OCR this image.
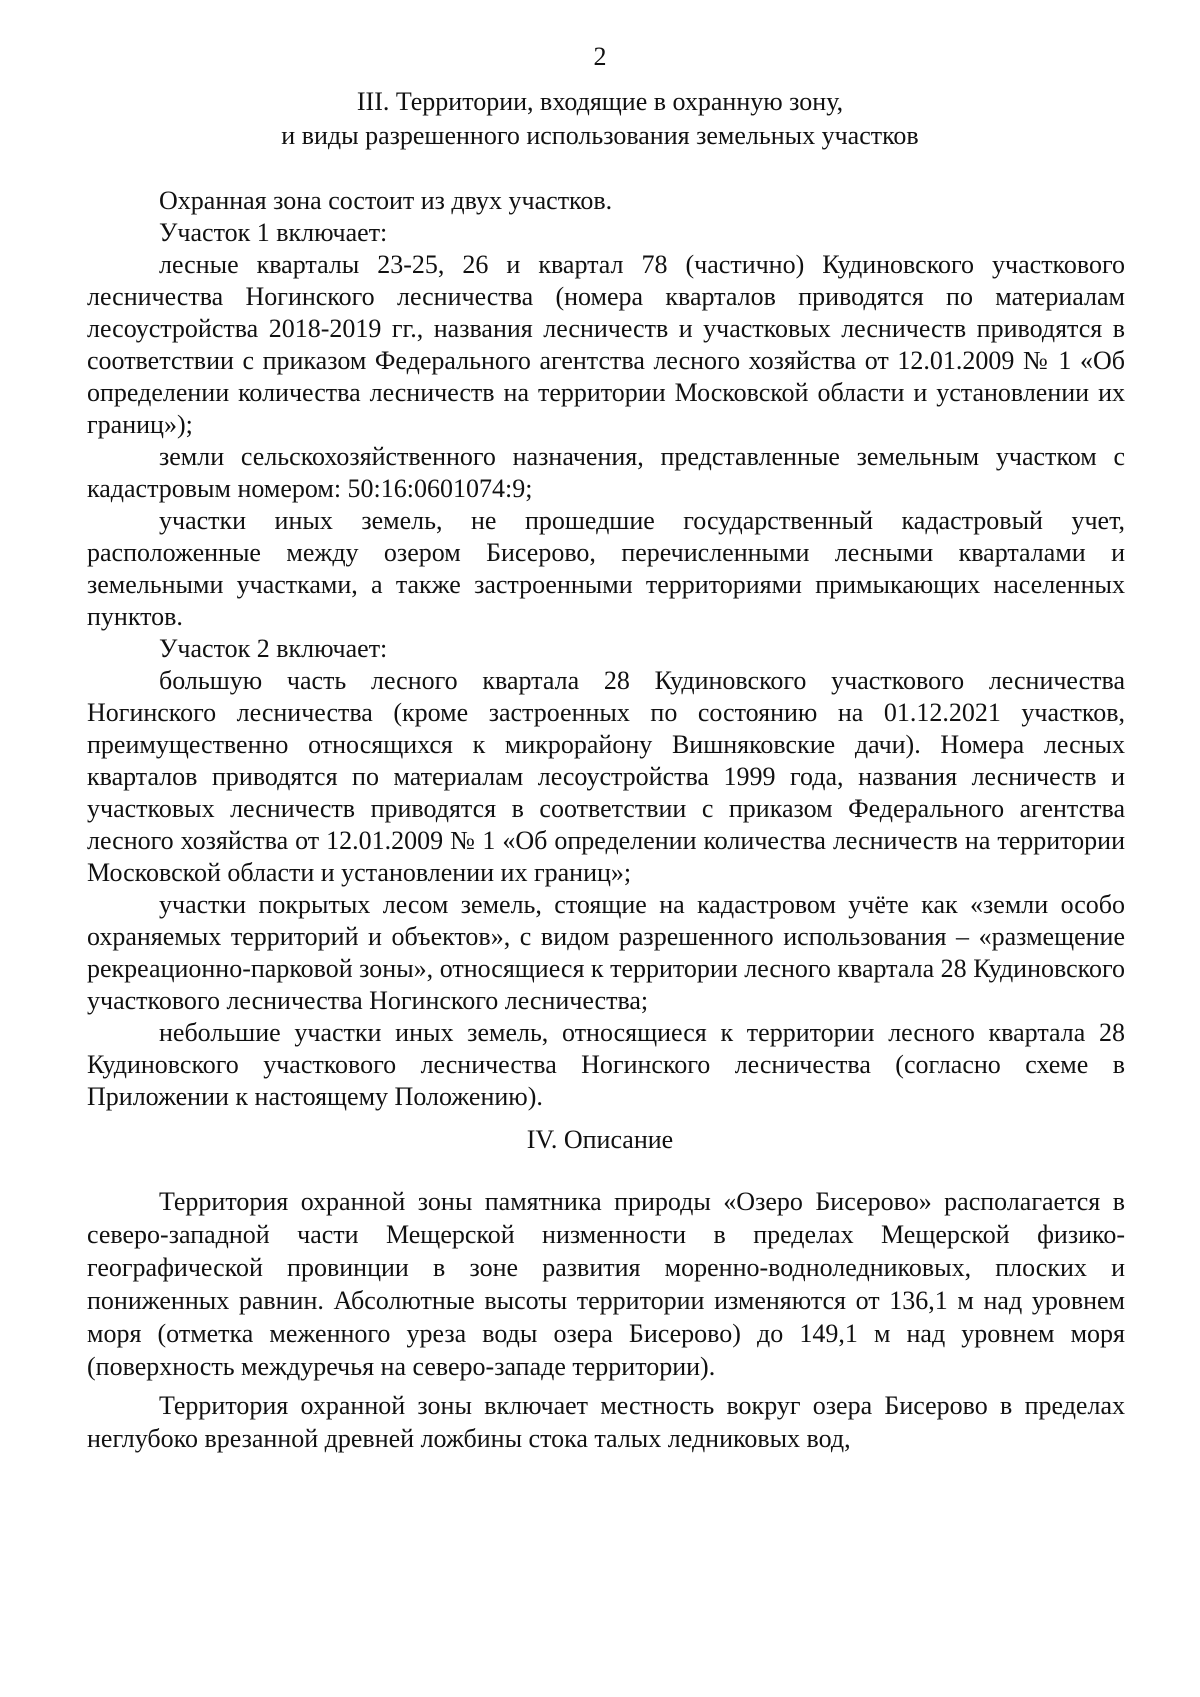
2
III. Территории, входящие в охранную зону,
и виды разрешенного использования земельных участков

Охранная зона состоит из двух участков.

Участок 1 включает:

лесные кварталы 23-25, 26 и квартал 78 (частично) Кудиновского участкового лесничества Ногинского лесничества (номера кварталов приводятся по материалам лесоустройства 2018-2019 гг., названия лесничеств и участковых лесничеств приводятся в соответствии с приказом Федерального агентства лесного хозяйства от 12.01.2009 № 1 «Об определении количества лесничеств на территории Московской области и установлении их границ»);

земли сельскохозяйственного назначения, представленные земельным участком с кадастровым номером: 50:16:0601074:9;

участки иных земель, не прошедшие государственный кадастровый учет, расположенные между озером Бисерово, перечисленными лесными кварталами и земельными участками, а также застроенными территориями примыкающих населенных пунктов.

Участок 2 включает:

большую часть лесного квартала 28 Кудиновского участкового лесничества Ногинского лесничества (кроме застроенных по состоянию на 01.12.2021 участков, преимущественно относящихся к микрорайону Вишняковские дачи). Номера лесных кварталов приводятся по материалам лесоустройства 1999 года, названия лесничеств и участковых лесничеств приводятся в соответствии с приказом Федерального агентства лесного хозяйства от 12.01.2009 № 1 «Об определении количества лесничеств на территории Московской области и установлении их границ»;

участки покрытых лесом земель, стоящие на кадастровом учёте как «земли особо охраняемых территорий и объектов», с видом разрешенного использования – «размещение рекреационно-парковой зоны», относящиеся к территории лесного квартала 28 Кудиновского участкового лесничества Ногинского лесничества;

небольшие участки иных земель, относящиеся к территории лесного квартала 28 Кудиновского участкового лесничества Ногинского лесничества (согласно схеме в Приложении к настоящему Положению).

IV. Описание

Территория охранной зоны памятника природы «Озеро Бисерово» располагается в северо-западной части Мещерской низменности в пределах Мещерской физико-географической провинции в зоне развития моренно-водноледниковых, плоских и пониженных равнин. Абсолютные высоты территории изменяются от 136,1 м над уровнем моря (отметка меженного уреза воды озера Бисерово) до 149,1 м над уровнем моря (поверхность междуречья на северо-западе территории).

Территория охранной зоны включает местность вокруг озера Бисерово в пределах неглубоко врезанной древней ложбины стока талых ледниковых вод,
